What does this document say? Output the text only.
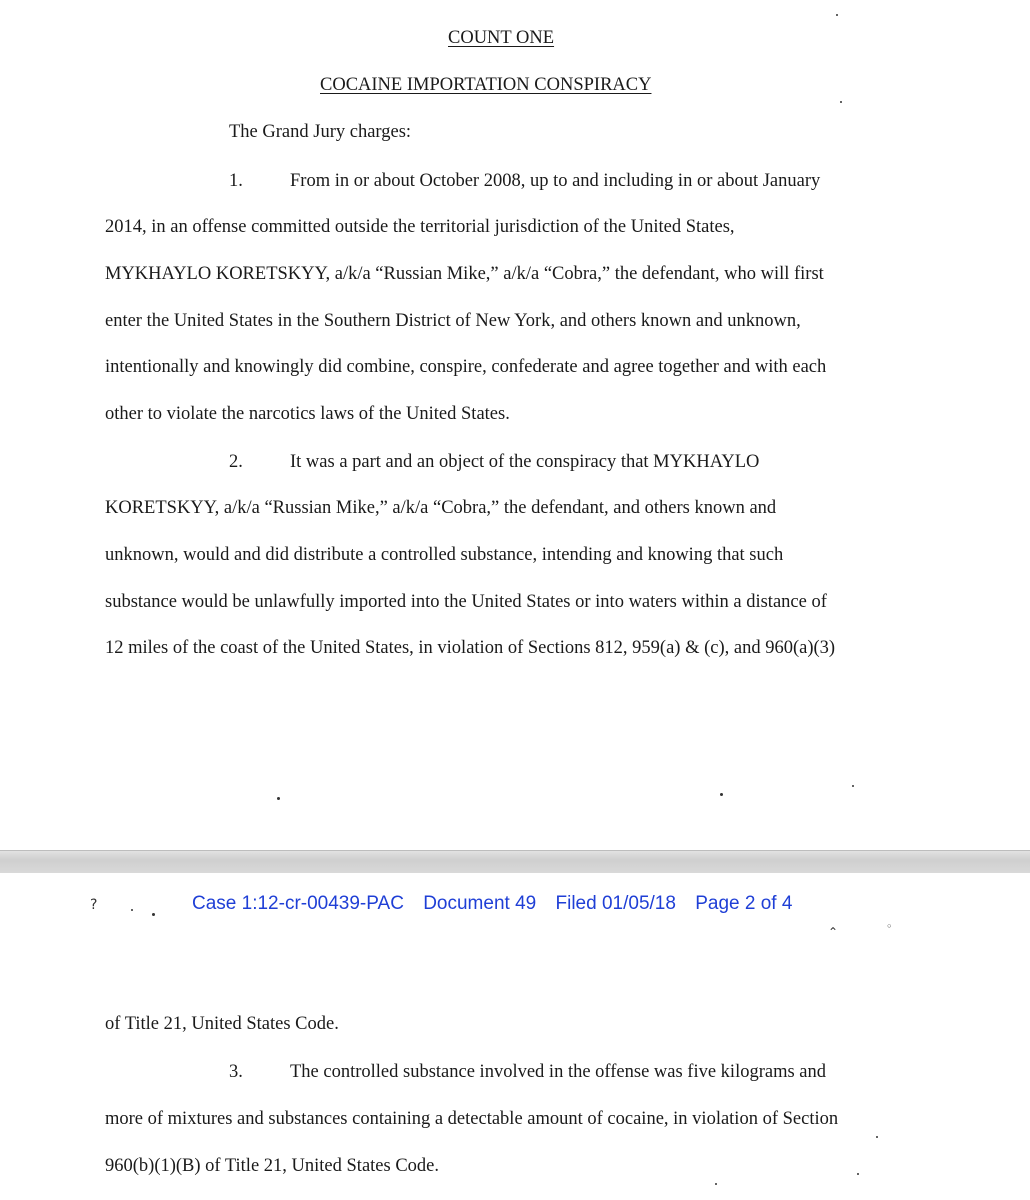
COUNT ONE
COCAINE IMPORTATION CONSPIRACY
The Grand Jury charges:
1.	From in or about October 2008, up to and including in or about January
2014, in an offense committed outside the territorial jurisdiction of the United States,
MYKHAYLO KORETSKYY, a/k/a “Russian Mike,” a/k/a “Cobra,” the defendant, who will first
enter the United States in the Southern District of New York, and others known and unknown,
intentionally and knowingly did combine, conspire, confederate and agree together and with each
other to violate the narcotics laws of the United States.
2.	It was a part and an object of the conspiracy that MYKHAYLO
KORETSKYY, a/k/a “Russian Mike,” a/k/a “Cobra,” the defendant, and others known and
unknown, would and did distribute a controlled substance, intending and knowing that such
substance would be unlawfully imported into the United States or into waters within a distance of
12 miles of the coast of the United States, in violation of Sections 812, 959(a) & (c), and 960(a)(3)
?	Case 1:12-cr-00439-PAC Document 49 Filed 01/05/18 Page 2 of 4
⌃	◦
of Title 21, United States Code.
3.	The controlled substance involved in the offense was five kilograms and
more of mixtures and substances containing a detectable amount of cocaine, in violation of Section
960(b)(1)(B) of Title 21, United States Code.
